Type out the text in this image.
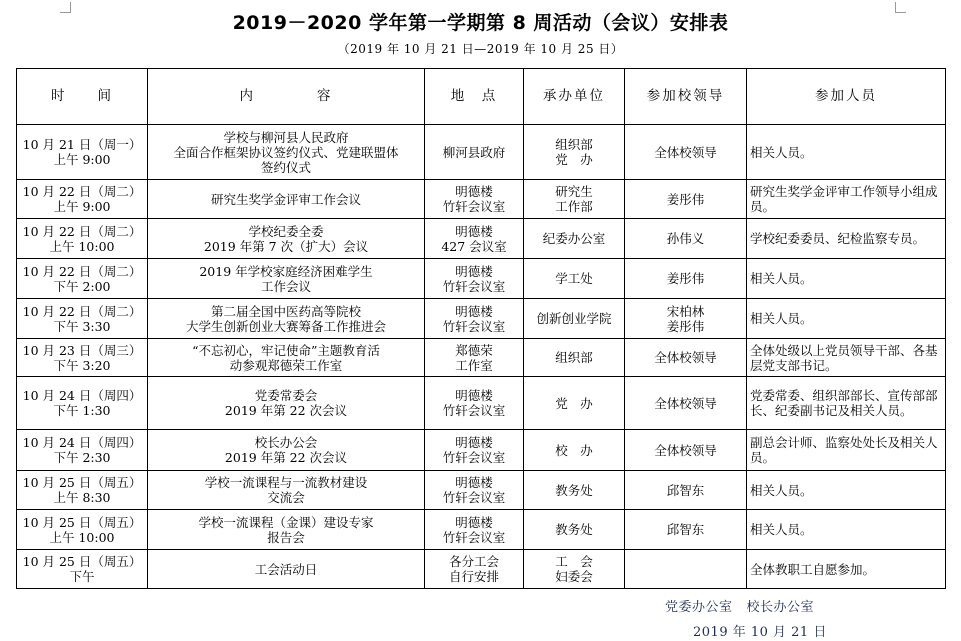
2019－2020 学年第一学期第 8 周活动（会议）安排表
（2019 年 10 月 21 日—2019 年 10 月 25 日）
时　　间	内　　　　容	地　点	承办单位	参加校领导	参加人员

10 月 21 日（周一）
上午 9:00	学校与柳河县人民政府
全面合作框架协议签约仪式、党建联盟体
签约仪式	柳河县政府	组织部
党　办	全体校领导	相关人员。

10 月 22 日（周二）
上午 9:00	研究生奖学金评审工作会议	明德楼
竹轩会议室	研究生
工作部	姜彤伟	研究生奖学金评审工作领导小组成员。

10 月 22 日（周二）
上午 10:00	学校纪委全委
2019 年第 7 次（扩大）会议	明德楼
427 会议室	纪委办公室	孙伟义	学校纪委委员、纪检监察专员。

10 月 22 日（周二）
下午 2:00	2019 年学校家庭经济困难学生
工作会议	明德楼
竹轩会议室	学工处	姜彤伟	相关人员。

10 月 22 日（周二）
下午 3:30	第二届全国中医药高等院校
大学生创新创业大赛筹备工作推进会	明德楼
竹轩会议室	创新创业学院	宋柏林
姜彤伟	相关人员。

10 月 23 日（周三）
下午 3:20	“不忘初心，牢记使命”主题教育活
动参观郑德荣工作室	郑德荣
工作室	组织部	全体校领导	全体处级以上党员领导干部、各基层党支部书记。

10 月 24 日（周四）
下午 1:30	党委常委会
2019 年第 22 次会议	明德楼
竹轩会议室	党　办	全体校领导	党委常委、组织部部长、宣传部部长、纪委副书记及相关人员。

10 月 24 日（周四）
下午 2:30	校长办公会
2019 年第 22 次会议	明德楼
竹轩会议室	校　办	全体校领导	副总会计师、监察处处长及相关人员。

10 月 25 日（周五）
上午 8:30	学校一流课程与一流教材建设
交流会	明德楼
竹轩会议室	教务处	邱智东	相关人员。

10 月 25 日（周五）
上午 10:00	学校一流课程（金课）建设专家
报告会	明德楼
竹轩会议室	教务处	邱智东	相关人员。

10 月 25 日（周五）
下午	工会活动日	各分工会
自行安排	工　会
妇委会		全体教职工自愿参加。
党委办公室 校长办公室
2019 年 10 月 21 日
